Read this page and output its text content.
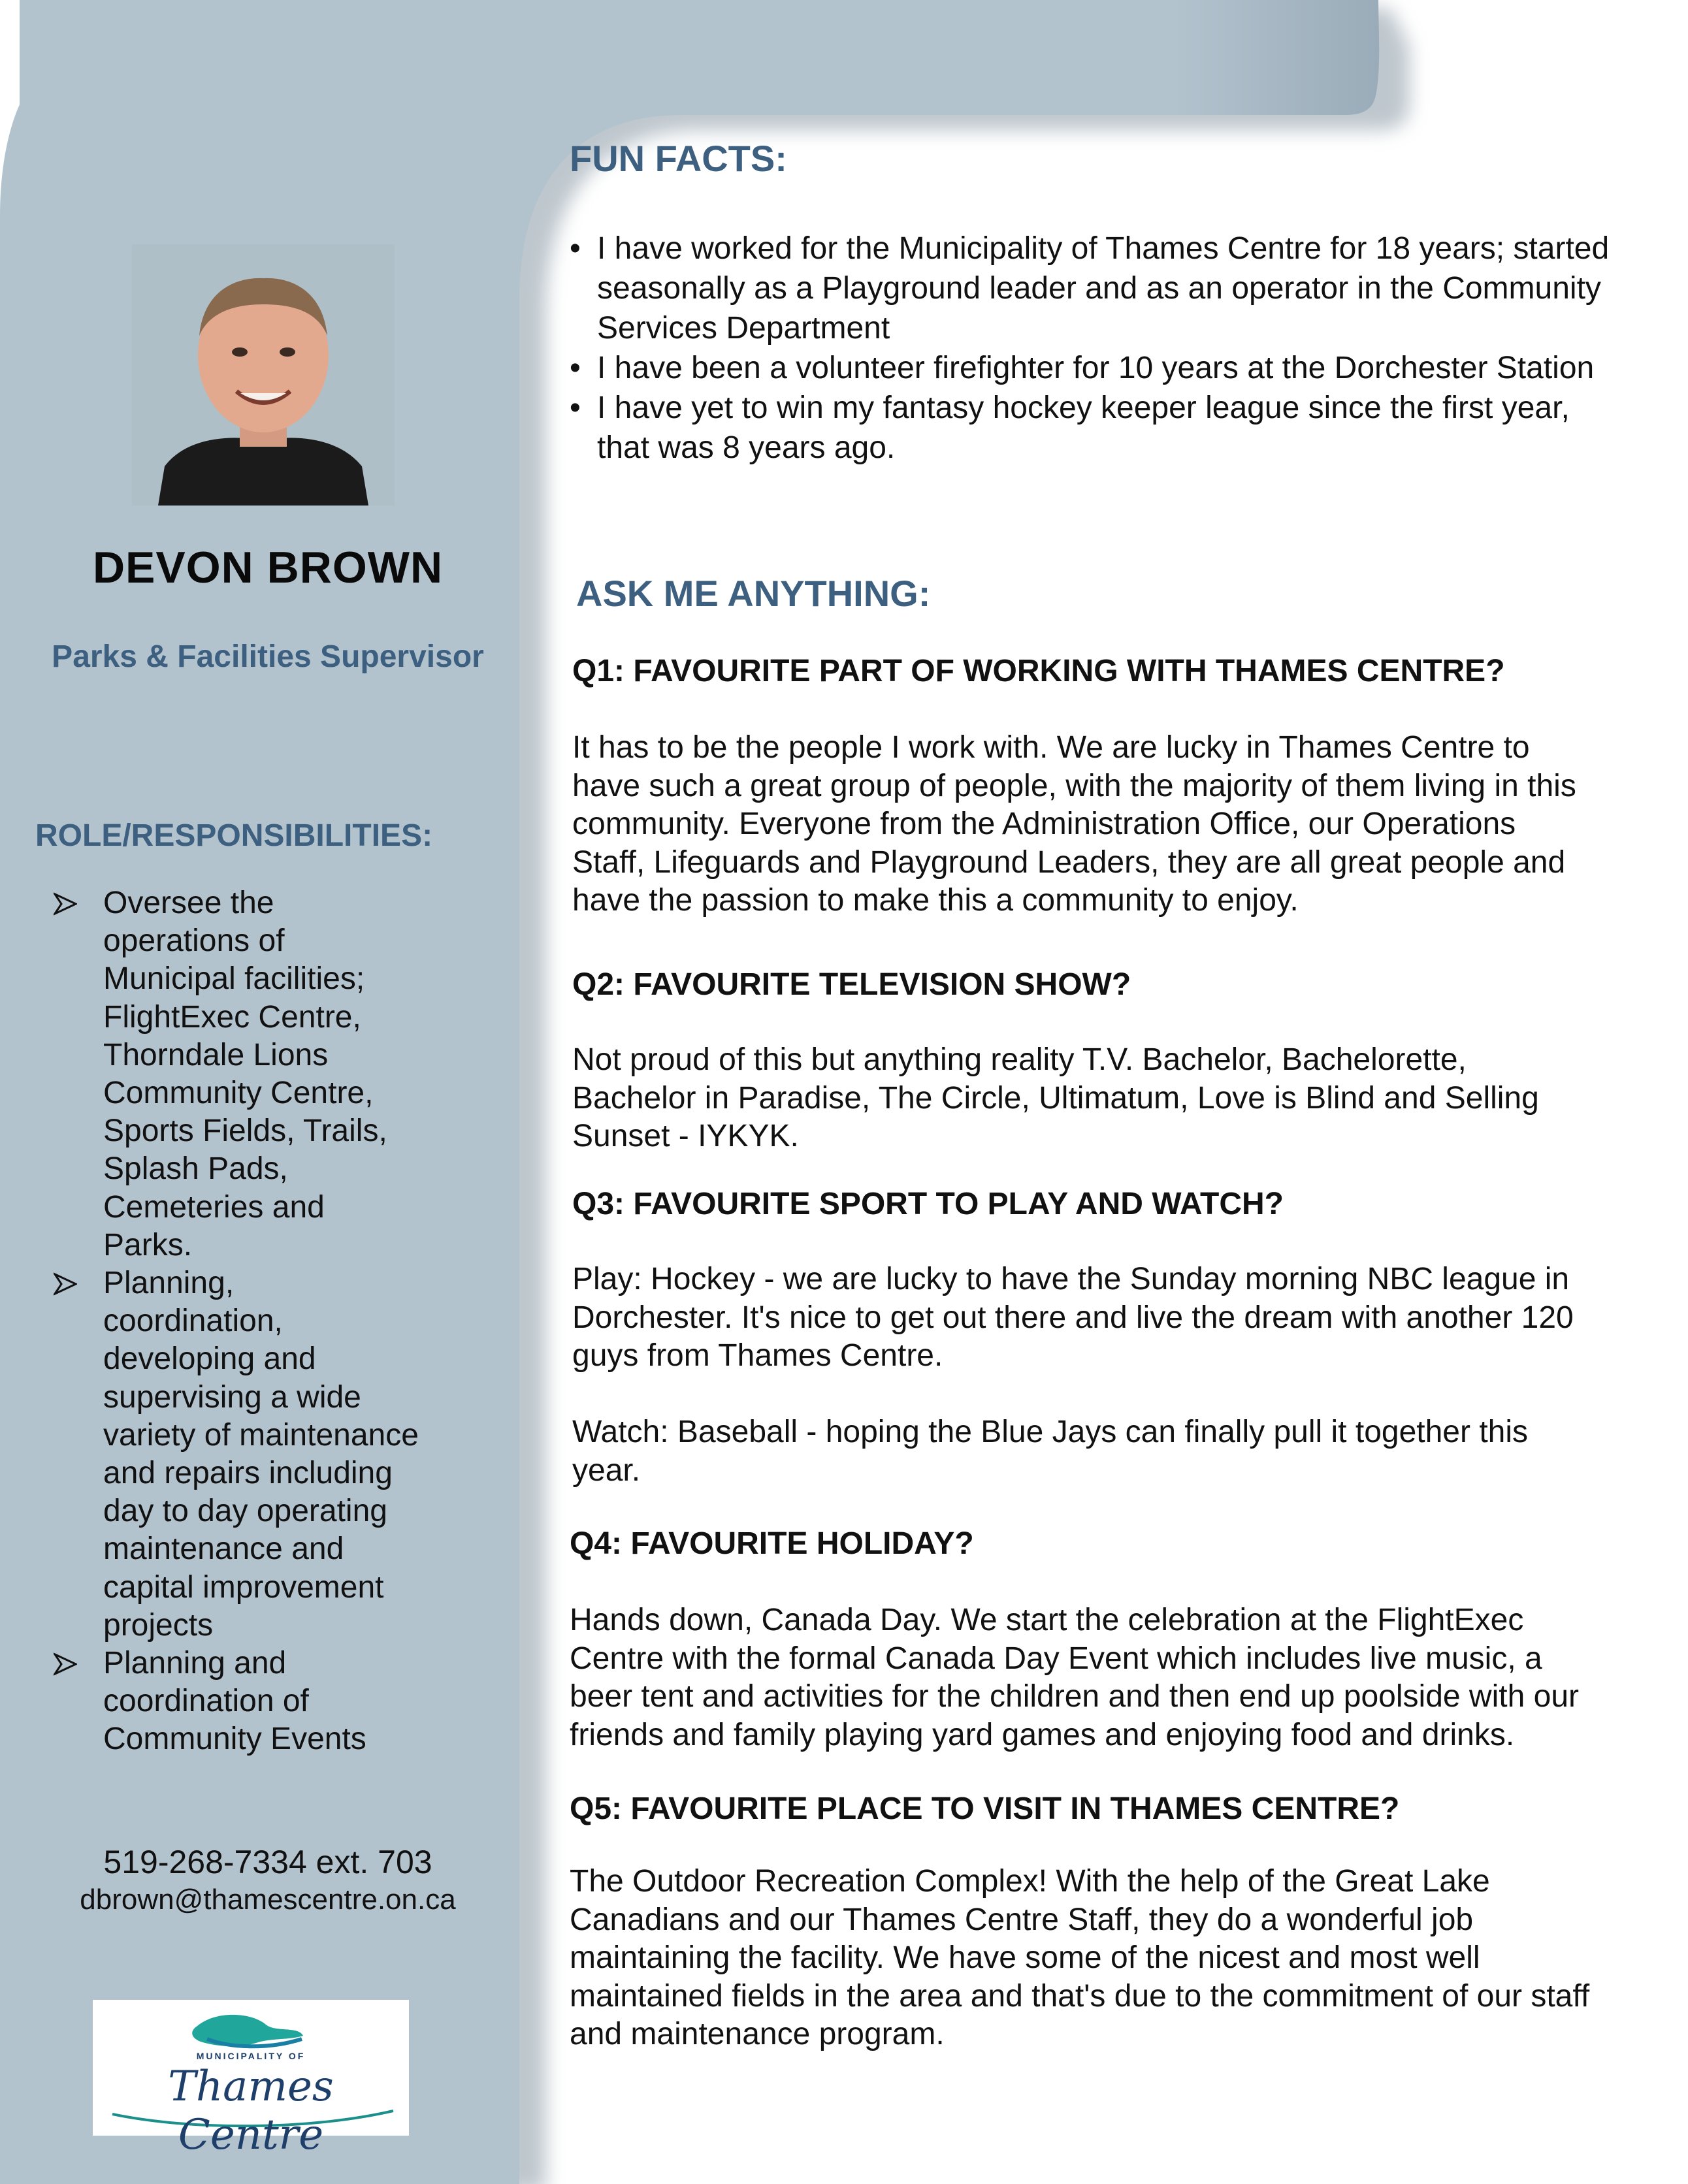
DEVON BROWN
Parks & Facilities Supervisor
ROLE/RESPONSIBILITIES:
Oversee the
operations of
Municipal facilities;
FlightExec Centre,
Thorndale Lions
Community Centre,
Sports Fields, Trails,
Splash Pads,
Cemeteries and
Parks.
Planning,
coordination,
developing and
supervising a wide
variety of maintenance
and repairs including
day to day operating
maintenance and
capital improvement
projects
Planning and
coordination of
Community Events
519-268-7334 ext. 703
dbrown@thamescentre.on.ca
MUNICIPALITY OF
Thames Centre
FUN FACTS:
• I have worked for the Municipality of Thames Centre for 18 years; started
seasonally as a Playground leader and as an operator in the Community
Services Department
• I have been a volunteer firefighter for 10 years at the Dorchester Station
• I have yet to win my fantasy hockey keeper league since the first year,
that was 8 years ago.
ASK ME ANYTHING:
Q1: FAVOURITE PART OF WORKING WITH THAMES CENTRE?
It has to be the people I work with. We are lucky in Thames Centre to
have such a great group of people, with the majority of them living in this
community. Everyone from the Administration Office, our Operations
Staff, Lifeguards and Playground Leaders, they are all great people and
have the passion to make this a community to enjoy.
Q2: FAVOURITE TELEVISION SHOW?
Not proud of this but anything reality T.V. Bachelor, Bachelorette,
Bachelor in Paradise, The Circle, Ultimatum, Love is Blind and Selling
Sunset - IYKYK.
Q3: FAVOURITE SPORT TO PLAY AND WATCH?
Play: Hockey - we are lucky to have the Sunday morning NBC league in
Dorchester. It's nice to get out there and live the dream with another 120
guys from Thames Centre.
Watch: Baseball - hoping the Blue Jays can finally pull it together this
year.
Q4: FAVOURITE HOLIDAY?
Hands down, Canada Day. We start the celebration at the FlightExec
Centre with the formal Canada Day Event which includes live music, a
beer tent and activities for the children and then end up poolside with our
friends and family playing yard games and enjoying food and drinks.
Q5: FAVOURITE PLACE TO VISIT IN THAMES CENTRE?
The Outdoor Recreation Complex! With the help of the Great Lake
Canadians and our Thames Centre Staff, they do a wonderful job
maintaining the facility. We have some of the nicest and most well
maintained fields in the area and that's due to the commitment of our staff
and maintenance program.
